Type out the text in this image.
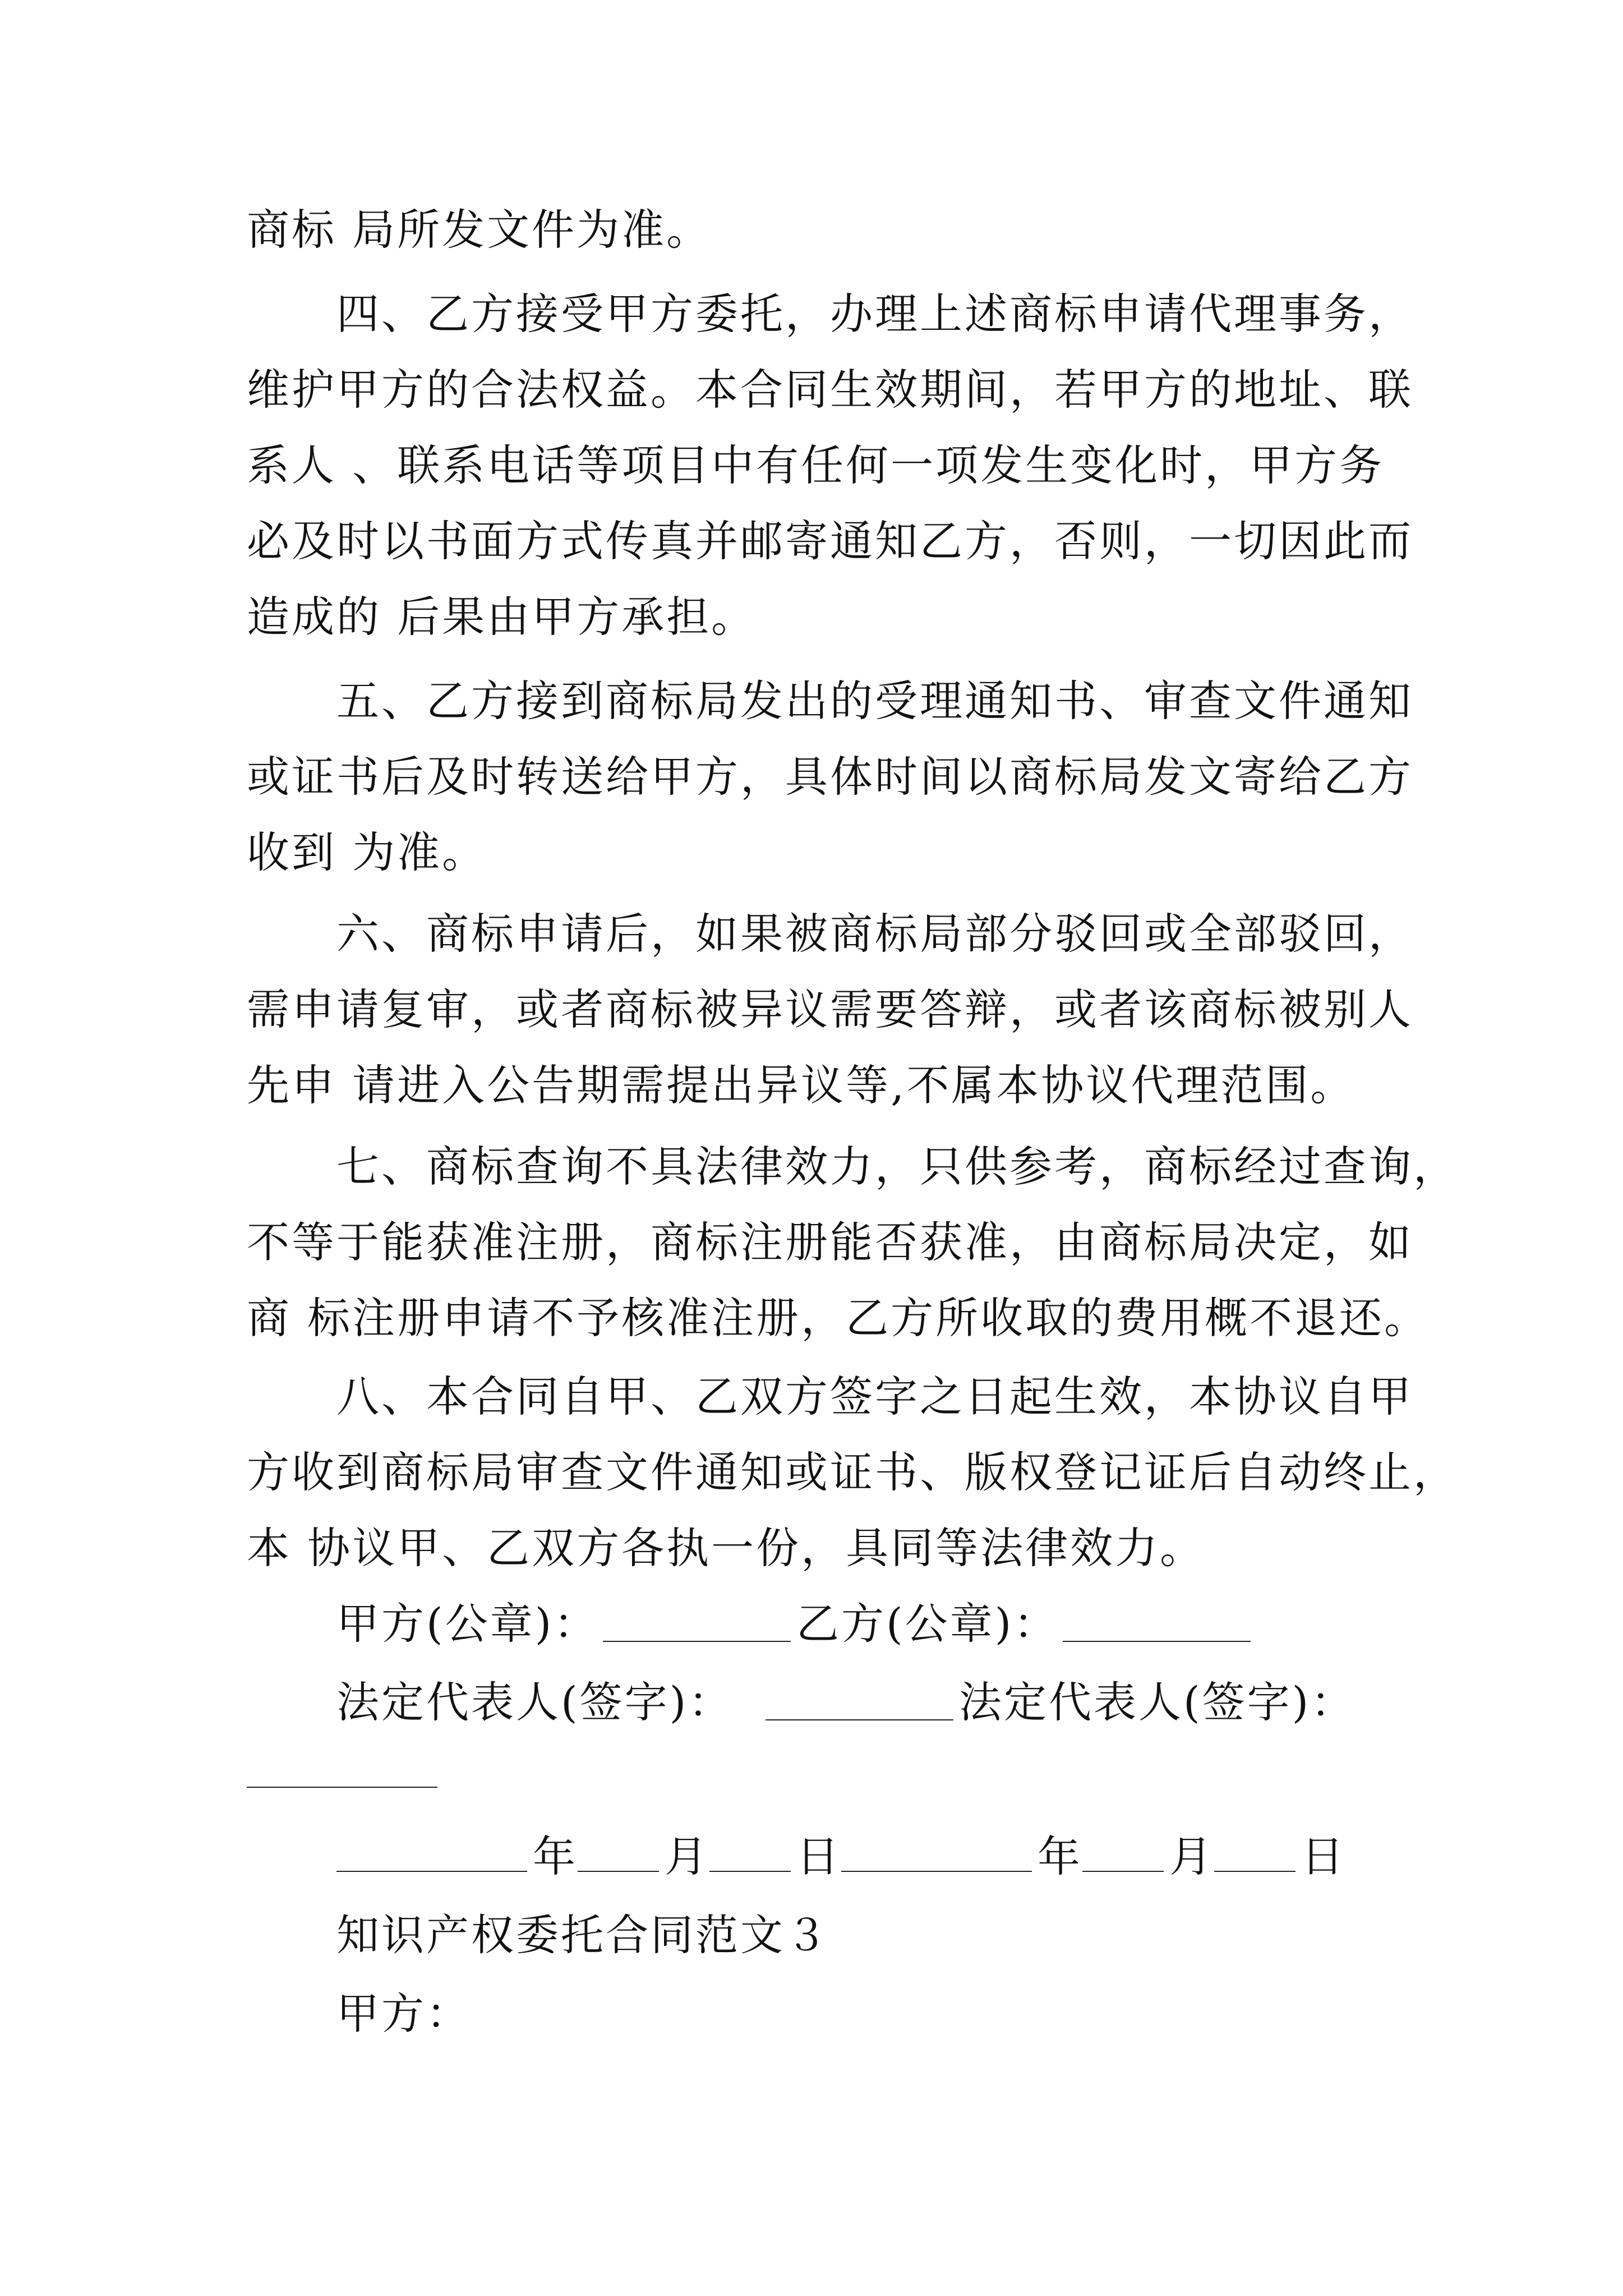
商标 局所发文件为准。
四、乙方接受甲方委托，办理上述商标申请代理事务，
维护甲方的合法权益。本合同生效期间，若甲方的地址、联
系人 、联系电话等项目中有任何一项发生变化时，甲方务
必及时以书面方式传真并邮寄通知乙方，否则，一切因此而
造成的 后果由甲方承担。
五、乙方接到商标局发出的受理通知书、审查文件通知
或证书后及时转送给甲方，具体时间以商标局发文寄给乙方
收到 为准。
六、商标申请后，如果被商标局部分驳回或全部驳回，
需申请复审，或者商标被异议需要答辩，或者该商标被别人
先申 请进入公告期需提出异议等,不属本协议代理范围。
七、商标查询不具法律效力，只供参考，商标经过查询，
不等于能获准注册，商标注册能否获准，由商标局决定，如
商 标注册申请不予核准注册，乙方所收取的费用概不退还。
八、本合同自甲、乙双方签字之日起生效，本协议自甲
方收到商标局审查文件通知或证书、版权登记证后自动终止，
本 协议甲、乙双方各执一份，具同等法律效力。
甲方(公章)：	乙方(公章)：
法定代表人(签字)：	法定代表人(签字)：
年 月 日	年 月 日
知识产权委托合同范文３
甲方：
